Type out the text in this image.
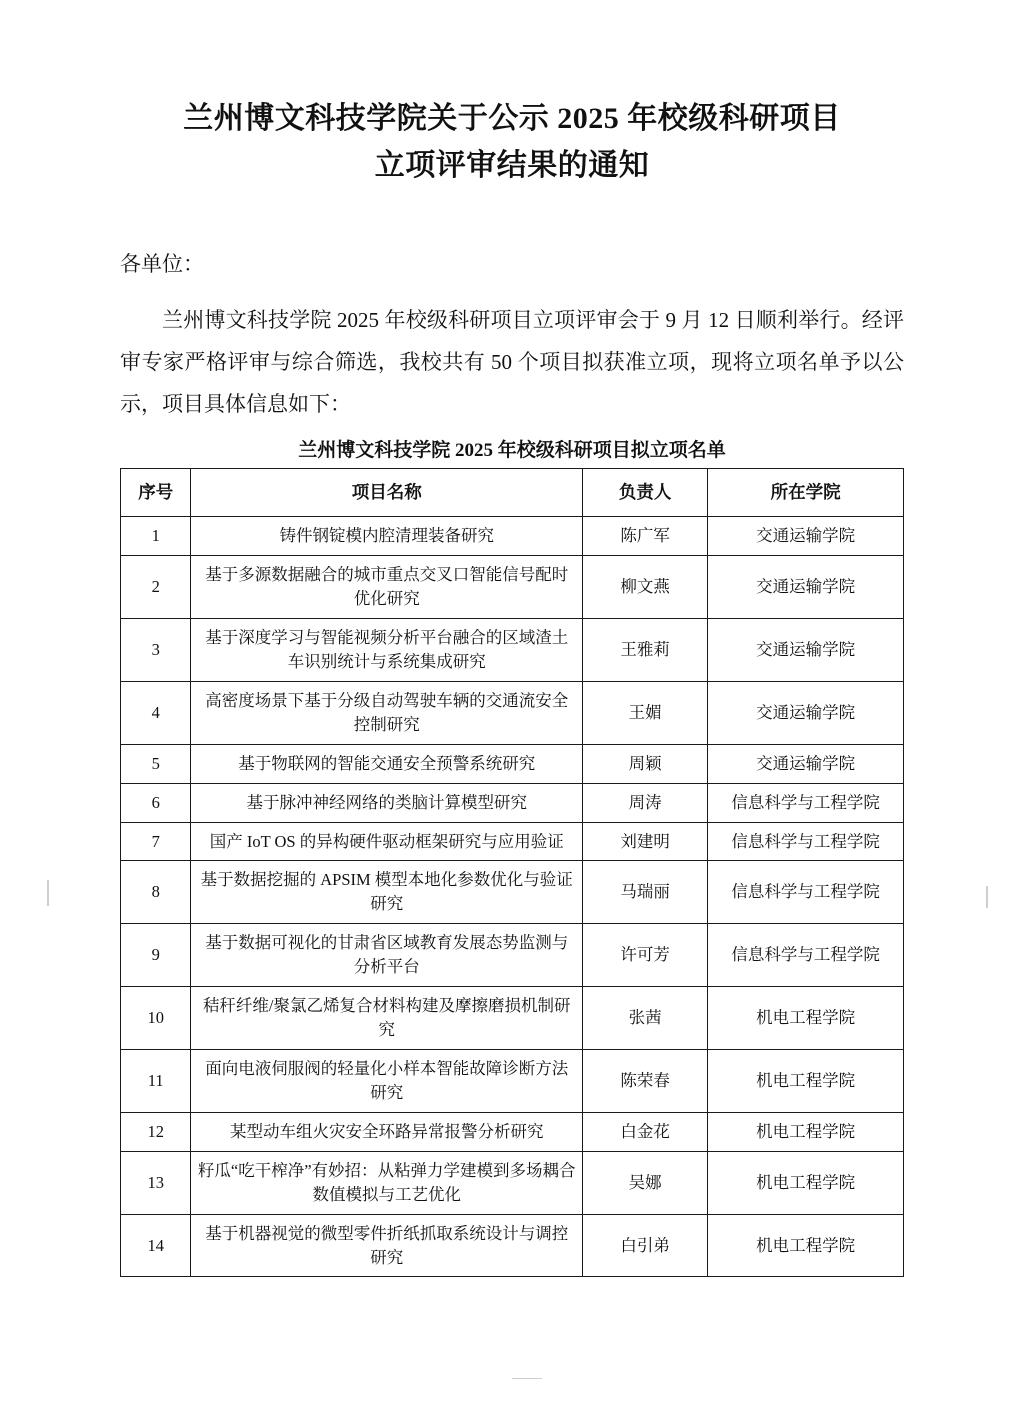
兰州博文科技学院关于公示 2025 年校级科研项目
立项评审结果的通知

各单位：

兰州博文科技学院 2025 年校级科研项目立项评审会于 9 月 12 日顺利举行。经评审专家严格评审与综合筛选，我校共有 50 个项目拟获准立项，现将立项名单予以公示，项目具体信息如下：

兰州博文科技学院 2025 年校级科研项目拟立项名单
序号	项目名称	负责人	所在学院
1	铸件钢锭模内腔清理装备研究	陈广军	交通运输学院
2	基于多源数据融合的城市重点交叉口智能信号配时优化研究	柳文燕	交通运输学院
3	基于深度学习与智能视频分析平台融合的区域渣土车识别统计与系统集成研究	王雅莉	交通运输学院
4	高密度场景下基于分级自动驾驶车辆的交通流安全控制研究	王媚	交通运输学院
5	基于物联网的智能交通安全预警系统研究	周颖	交通运输学院
6	基于脉冲神经网络的类脑计算模型研究	周涛	信息科学与工程学院
7	国产 IoT OS 的异构硬件驱动框架研究与应用验证	刘建明	信息科学与工程学院
8	基于数据挖掘的 APSIM 模型本地化参数优化与验证研究	马瑞丽	信息科学与工程学院
9	基于数据可视化的甘肃省区域教育发展态势监测与分析平台	许可芳	信息科学与工程学院
10	秸秆纤维/聚氯乙烯复合材料构建及摩擦磨损机制研究	张茜	机电工程学院
11	面向电液伺服阀的轻量化小样本智能故障诊断方法研究	陈荣春	机电工程学院
12	某型动车组火灾安全环路异常报警分析研究	白金花	机电工程学院
13	籽瓜“吃干榨净”有妙招：从粘弹力学建模到多场耦合数值模拟与工艺优化	吴娜	机电工程学院
14	基于机器视觉的微型零件折纸抓取系统设计与调控研究	白引弟	机电工程学院
